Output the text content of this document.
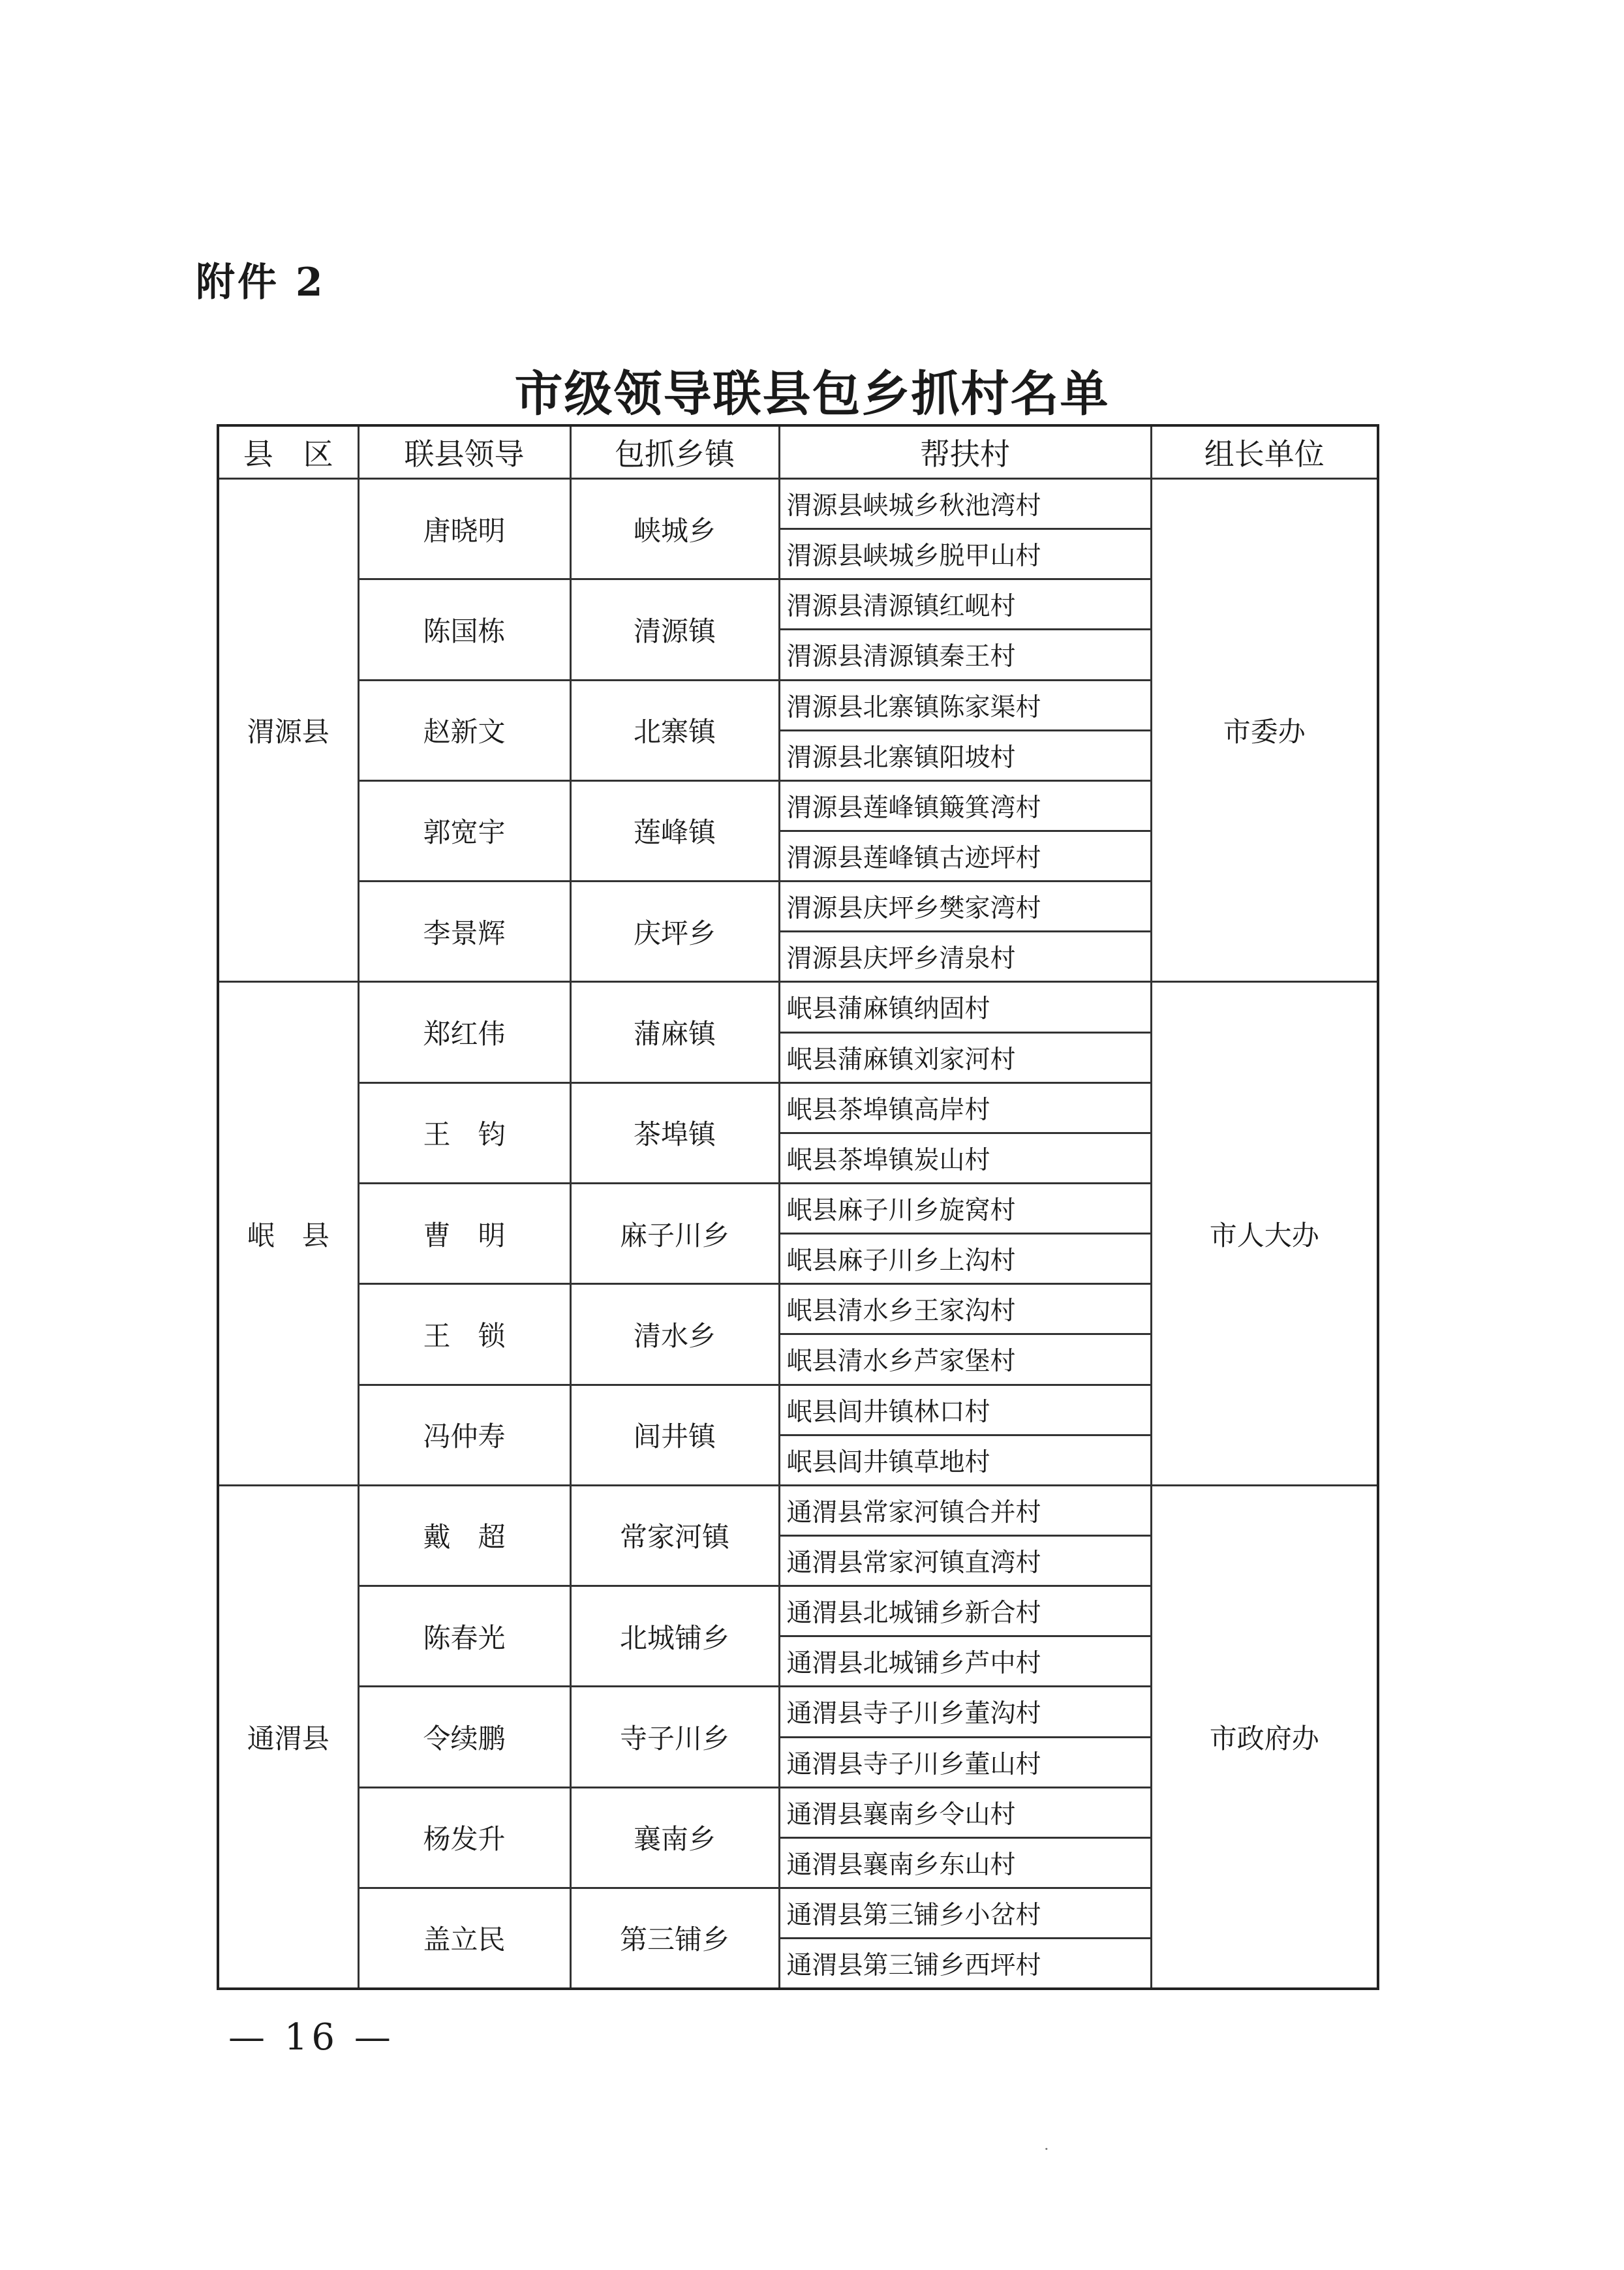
附件 2
市级领导联县包乡抓村名单
县　区	联县领导	包抓乡镇	帮扶村	组长单位
渭源县	唐晓明	峡城乡	渭源县峡城乡秋池湾村	市委办
			渭源县峡城乡脱甲山村	
	陈国栋	清源镇	渭源县清源镇红岘村	
			渭源县清源镇秦王村	
	赵新文	北寨镇	渭源县北寨镇陈家渠村	
			渭源县北寨镇阳坡村	
	郭宽宇	莲峰镇	渭源县莲峰镇簸箕湾村	
			渭源县莲峰镇古迹坪村	
	李景辉	庆坪乡	渭源县庆坪乡樊家湾村	
			渭源县庆坪乡清泉村	
岷　县	郑红伟	蒲麻镇	岷县蒲麻镇纳固村	市人大办
			岷县蒲麻镇刘家河村	
	王　钧	茶埠镇	岷县茶埠镇高岸村	
			岷县茶埠镇炭山村	
	曹　明	麻子川乡	岷县麻子川乡旋窝村	
			岷县麻子川乡上沟村	
	王　锁	清水乡	岷县清水乡王家沟村	
			岷县清水乡芦家堡村	
	冯仲寿	闾井镇	岷县闾井镇林口村	
			岷县闾井镇草地村	
通渭县	戴　超	常家河镇	通渭县常家河镇合并村	市政府办
			通渭县常家河镇直湾村	
	陈春光	北城铺乡	通渭县北城铺乡新合村	
			通渭县北城铺乡芦中村	
	令续鹏	寺子川乡	通渭县寺子川乡董沟村	
			通渭县寺子川乡董山村	
	杨发升	襄南乡	通渭县襄南乡令山村	
			通渭县襄南乡东山村	
	盖立民	第三铺乡	通渭县第三铺乡小岔村	
			通渭县第三铺乡西坪村	
— 16 —
·
